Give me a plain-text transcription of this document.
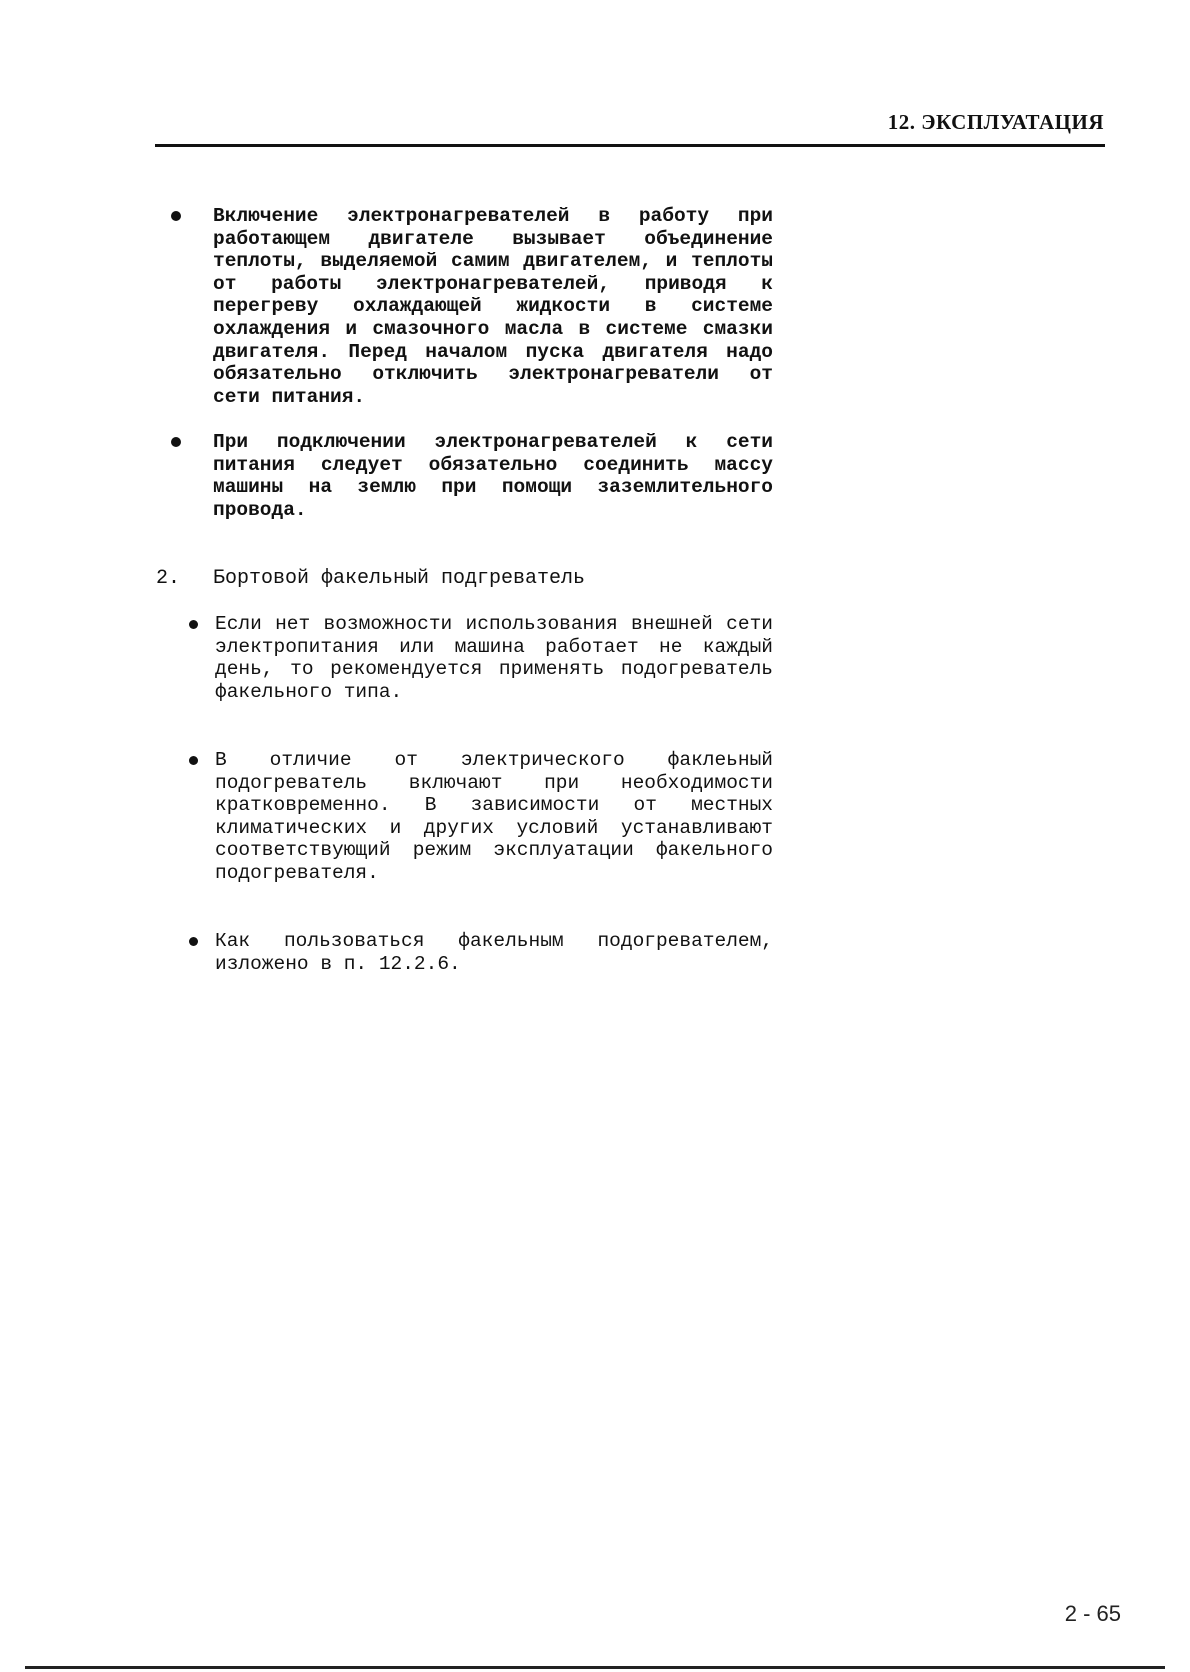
12. ЭКСПЛУАТАЦИЯ
Включение электронагревателей в работу при работающем двигателе вызывает объединение теплоты, выделяемой самим двигателем, и теплоты от работы электронагревателей, приводя к перегреву охлаждающей жидкости в системе охлаждения и смазочного масла в системе смазки двигателя. Перед началом пуска двигателя надо обязательно отключить электронагреватели от сети питания.
При подключении электронагревателей к сети питания следует обязательно соединить массу машины на землю при помощи заземлительного провода.
2. Бортовой факельный подгреватель
Если нет возможности использования внешней сети электропитания или машина работает не каждый день, то рекомендуется применять подогреватель факельного типа.
В отличие от электрического факлеьный подогреватель включают при необходимости кратковременно. В зависимости от местных климатических и других условий устанавливают соответствующий режим эксплуатации факельного подогревателя.
Как пользоваться факельным подогревателем, изложено в п. 12.2.6.
2 - 65
